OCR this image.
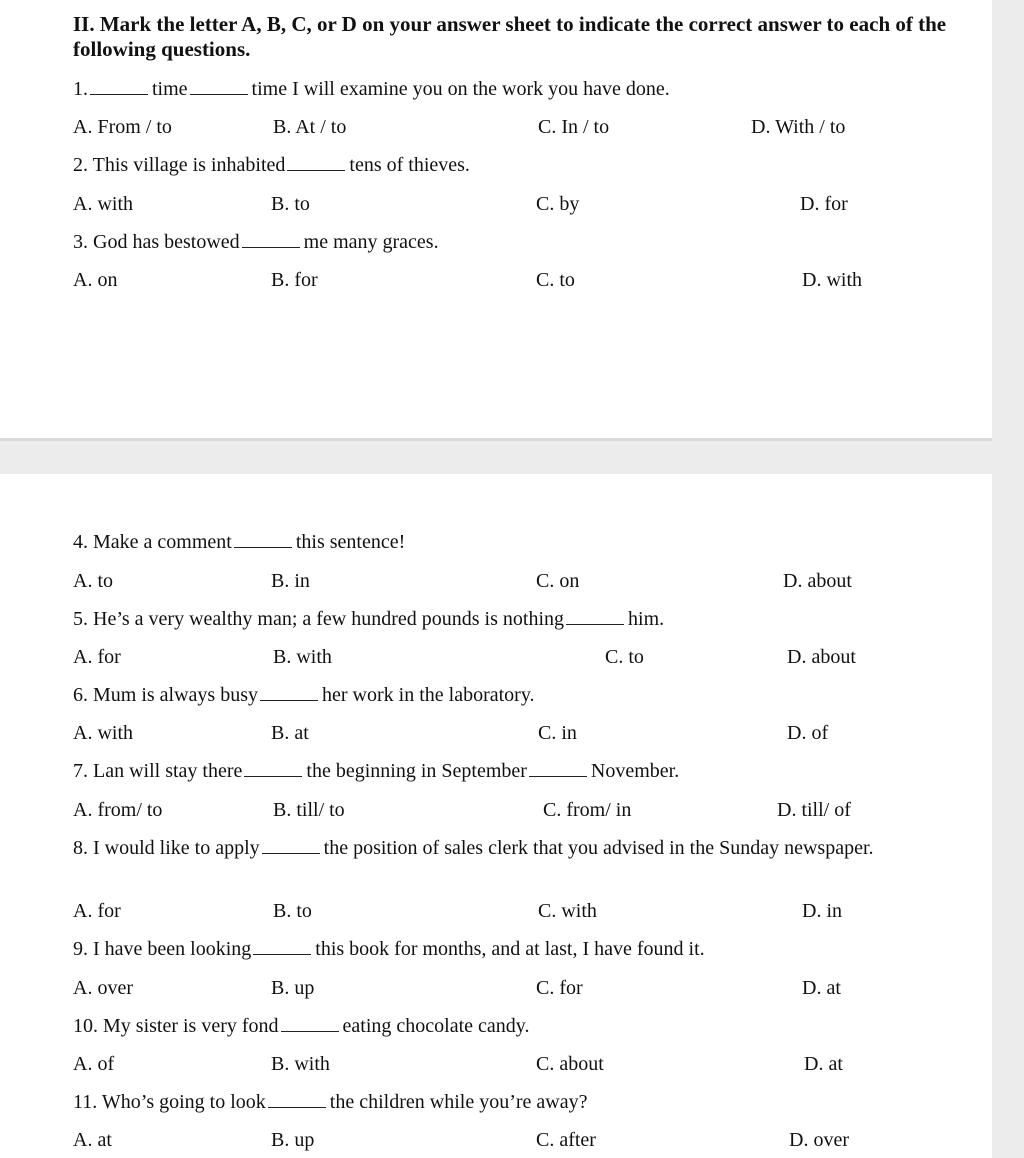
II. Mark the letter A, B, C, or D on your answer sheet to indicate the correct answer to each of the following questions.
1.	time	time I will examine you on the work you have done.
A. From / to	B. At / to	C. In / to	D. With / to
2. This village is inhabited	tens of thieves.
A. with	B. to	C. by	D. for
3. God has bestowed	me many graces.
A. on	B. for	C. to	D. with
4. Make a comment	this sentence!
A. to	B. in	C. on	D. about
5. He’s a very wealthy man; a few hundred pounds is nothing	him.
A. for	B. with	C. to	D. about
6. Mum is always busy	her work in the laboratory.
A. with	B. at	C. in	D. of
7. Lan will stay there	the beginning in September	November.
A. from/ to	B. till/ to	C. from/ in	D. till/ of
8. I would like to apply	the position of sales clerk that you advised in the Sunday newspaper.
A. for	B. to	C. with	D. in
9. I have been looking	this book for months, and at last, I have found it.
A. over	B. up	C. for	D. at
10. My sister is very fond	eating chocolate candy.
A. of	B. with	C. about	D. at
11. Who’s going to look	the children while you’re away?
A. at	B. up	C. after	D. over
